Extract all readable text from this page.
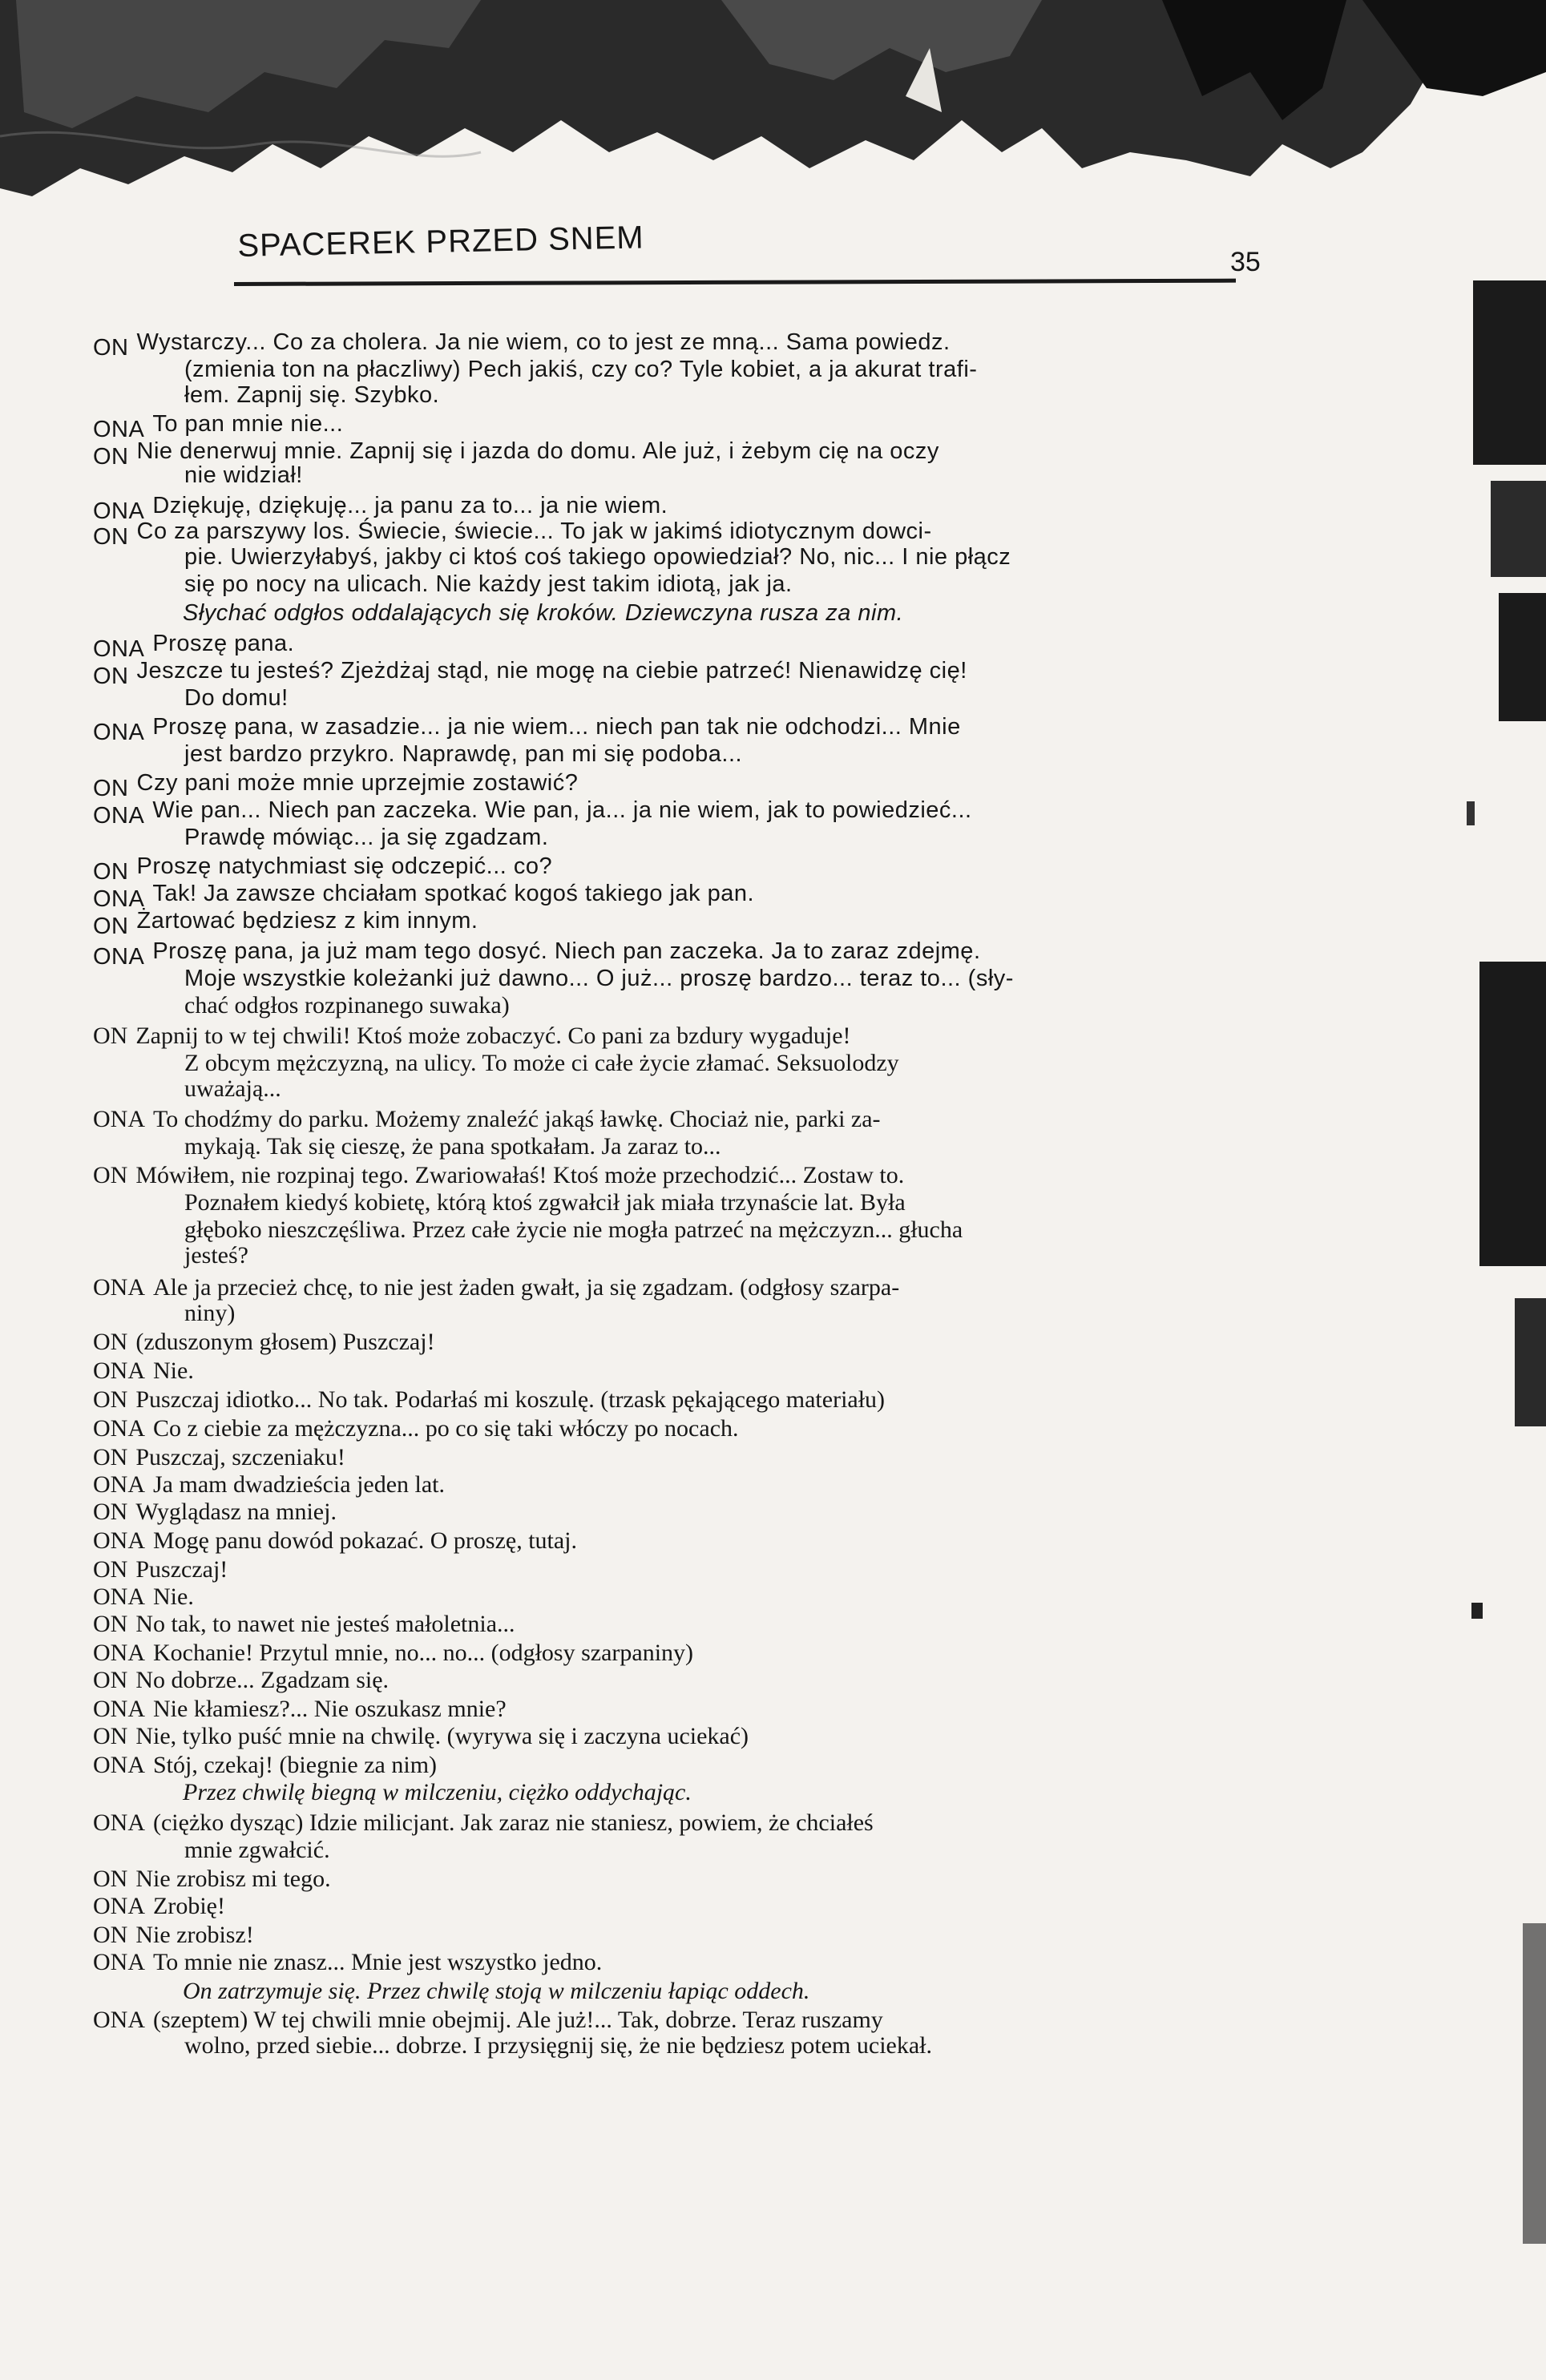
SPACEREK PRZED SNEM	35
ON Wystarczy... Co za cholera. Ja nie wiem, co to jest ze mną... Sama powiedz.
(zmienia ton na płaczliwy) Pech jakiś, czy co? Tyle kobiet, a ja akurat trafi-
łem. Zapnij się. Szybko.
ONA To pan mnie nie...
ON Nie denerwuj mnie. Zapnij się i jazda do domu. Ale już, i żebym cię na oczy
nie widział!
ONA Dziękuję, dziękuję... ja panu za to... ja nie wiem.
ON Co za parszywy los. Świecie, świecie... To jak w jakimś idiotycznym dowci-
pie. Uwierzyłabyś, jakby ci ktoś coś takiego opowiedział? No, nic... I nie płącz
się po nocy na ulicach. Nie każdy jest takim idiotą, jak ja.
Słychać odgłos oddalających się kroków. Dziewczyna rusza za nim.
ONA Proszę pana.
ON Jeszcze tu jesteś? Zjeżdżaj stąd, nie mogę na ciebie patrzeć! Nienawidzę cię!
Do domu!
ONA Proszę pana, w zasadzie... ja nie wiem... niech pan tak nie odchodzi... Mnie
jest bardzo przykro. Naprawdę, pan mi się podoba...
ON Czy pani może mnie uprzejmie zostawić?
ONA Wie pan... Niech pan zaczeka. Wie pan, ja... ja nie wiem, jak to powiedzieć...
Prawdę mówiąc... ja się zgadzam.
ON Proszę natychmiast się odczepić... co?
ONA Tak! Ja zawsze chciałam spotkać kogoś takiego jak pan.
ON Żartować będziesz z kim innym.
ONA Proszę pana, ja już mam tego dosyć. Niech pan zaczeka. Ja to zaraz zdejmę.
Moje wszystkie koleżanki już dawno... O już... proszę bardzo... teraz to... (sły-
chać odgłos rozpinanego suwaka)
ON Zapnij to w tej chwili! Ktoś może zobaczyć. Co pani za bzdury wygaduje!
Z obcym mężczyzną, na ulicy. To może ci całe życie złamać. Seksuolodzy
uważają...
ONA To chodźmy do parku. Możemy znaleźć jakąś ławkę. Chociaż nie, parki za-
mykają. Tak się cieszę, że pana spotkałam. Ja zaraz to...
ON Mówiłem, nie rozpinaj tego. Zwariowałaś! Ktoś może przechodzić... Zostaw to.
Poznałem kiedyś kobietę, którą ktoś zgwałcił jak miała trzynaście lat. Była
głęboko nieszczęśliwa. Przez całe życie nie mogła patrzeć na mężczyzn... głucha
jesteś?
ONA Ale ja przecież chcę, to nie jest żaden gwałt, ja się zgadzam. (odgłosy szarpa-
niny)
ON (zduszonym głosem) Puszczaj!
ONA Nie.
ON Puszczaj idiotko... No tak. Podarłaś mi koszulę. (trzask pękającego materiału)
ONA Co z ciebie za mężczyzna... po co się taki włóczy po nocach.
ON Puszczaj, szczeniaku!
ONA Ja mam dwadzieścia jeden lat.
ON Wyglądasz na mniej.
ONA Mogę panu dowód pokazać. O proszę, tutaj.
ON Puszczaj!
ONA Nie.
ON No tak, to nawet nie jesteś małoletnia...
ONA Kochanie! Przytul mnie, no... no... (odgłosy szarpaniny)
ON No dobrze... Zgadzam się.
ONA Nie kłamiesz?... Nie oszukasz mnie?
ON Nie, tylko puść mnie na chwilę. (wyrywa się i zaczyna uciekać)
ONA Stój, czekaj! (biegnie za nim)
Przez chwilę biegną w milczeniu, ciężko oddychając.
ONA (ciężko dysząc) Idzie milicjant. Jak zaraz nie staniesz, powiem, że chciałeś
mnie zgwałcić.
ON Nie zrobisz mi tego.
ONA Zrobię!
ON Nie zrobisz!
ONA To mnie nie znasz... Mnie jest wszystko jedno.
On zatrzymuje się. Przez chwilę stoją w milczeniu łapiąc oddech.
ONA (szeptem) W tej chwili mnie obejmij. Ale już!... Tak, dobrze. Teraz ruszamy
wolno, przed siebie... dobrze. I przysięgnij się, że nie będziesz potem uciekał.
